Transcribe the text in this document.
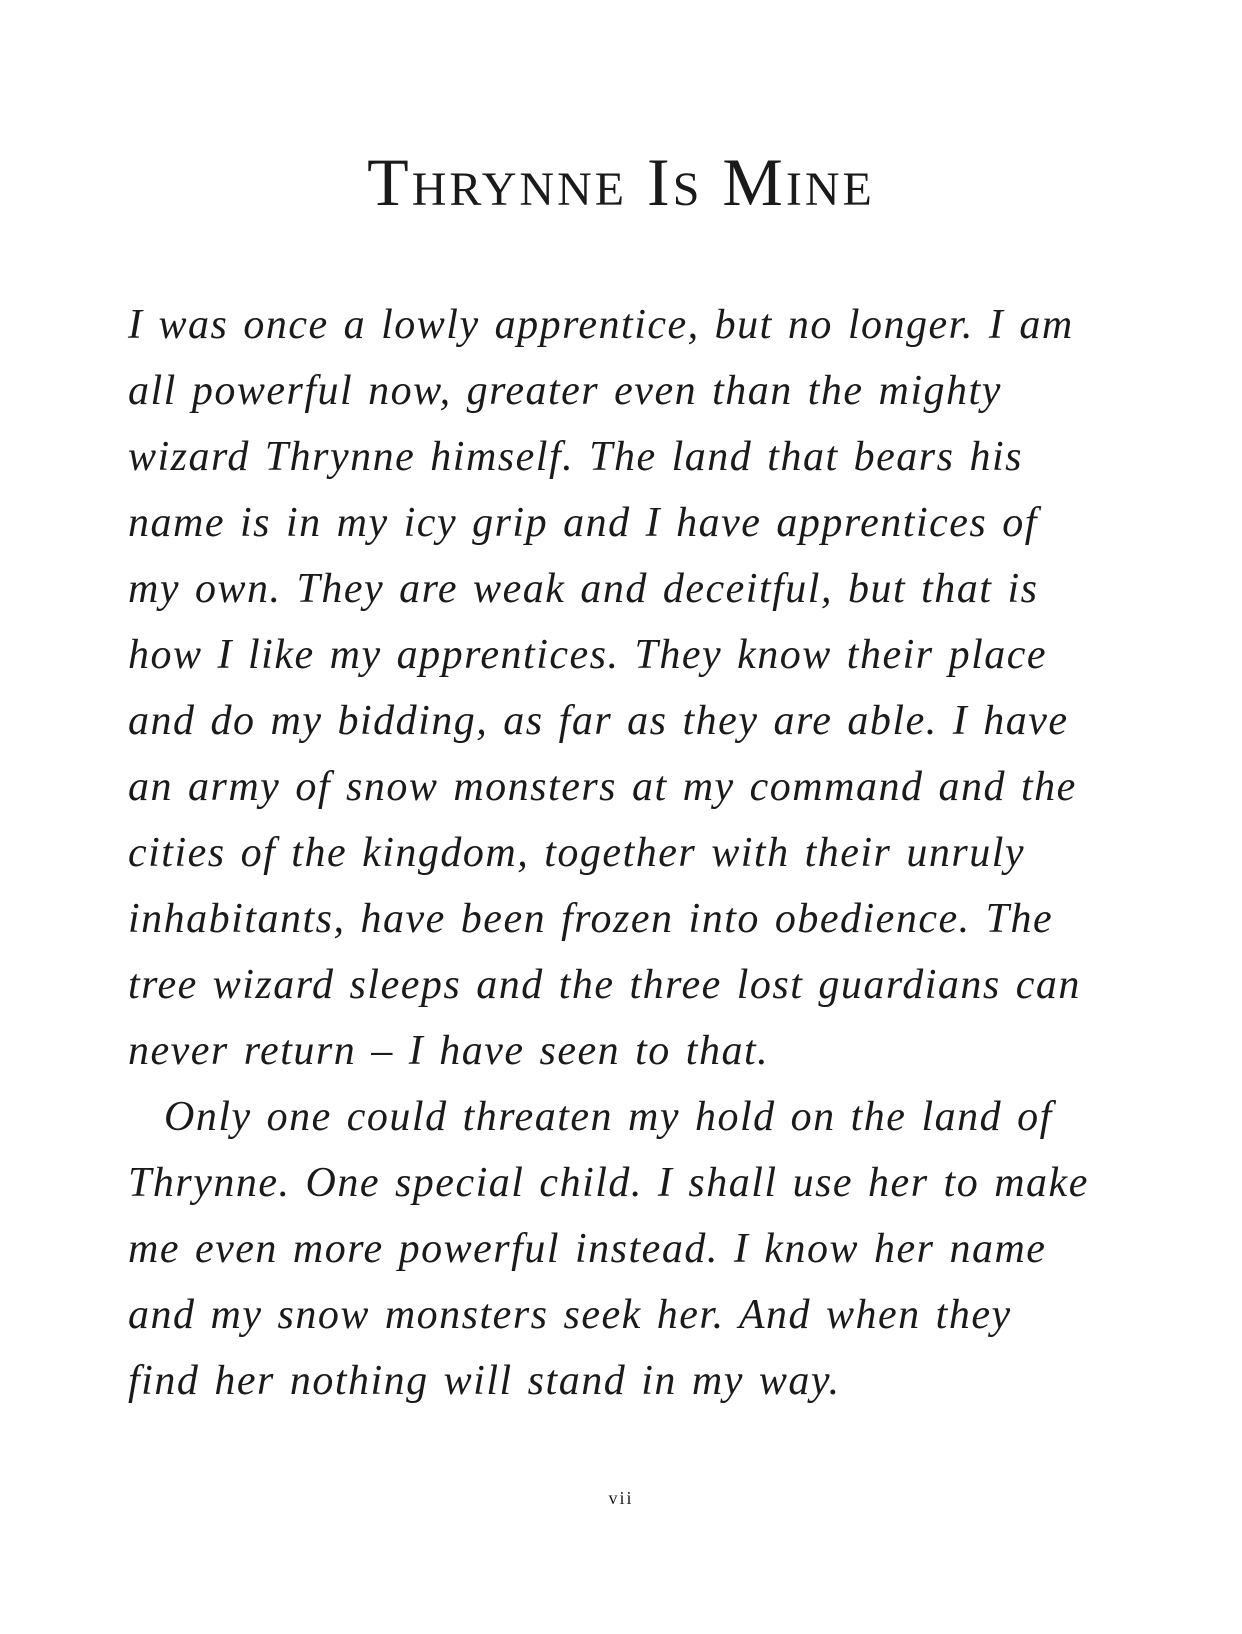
Thrynne Is Mine
I was once a lowly apprentice, but no longer. I am
all powerful now, greater even than the mighty
wizard Thrynne himself. The land that bears his
name is in my icy grip and I have apprentices of
my own. They are weak and deceitful, but that is
how I like my apprentices. They know their place
and do my bidding, as far as they are able. I have
an army of snow monsters at my command and the
cities of the kingdom, together with their unruly
inhabitants, have been frozen into obedience. The
tree wizard sleeps and the three lost guardians can
never return – I have seen to that.
Only one could threaten my hold on the land of
Thrynne. One special child. I shall use her to make
me even more powerful instead. I know her name
and my snow monsters seek her. And when they
find her nothing will stand in my way.
vii
